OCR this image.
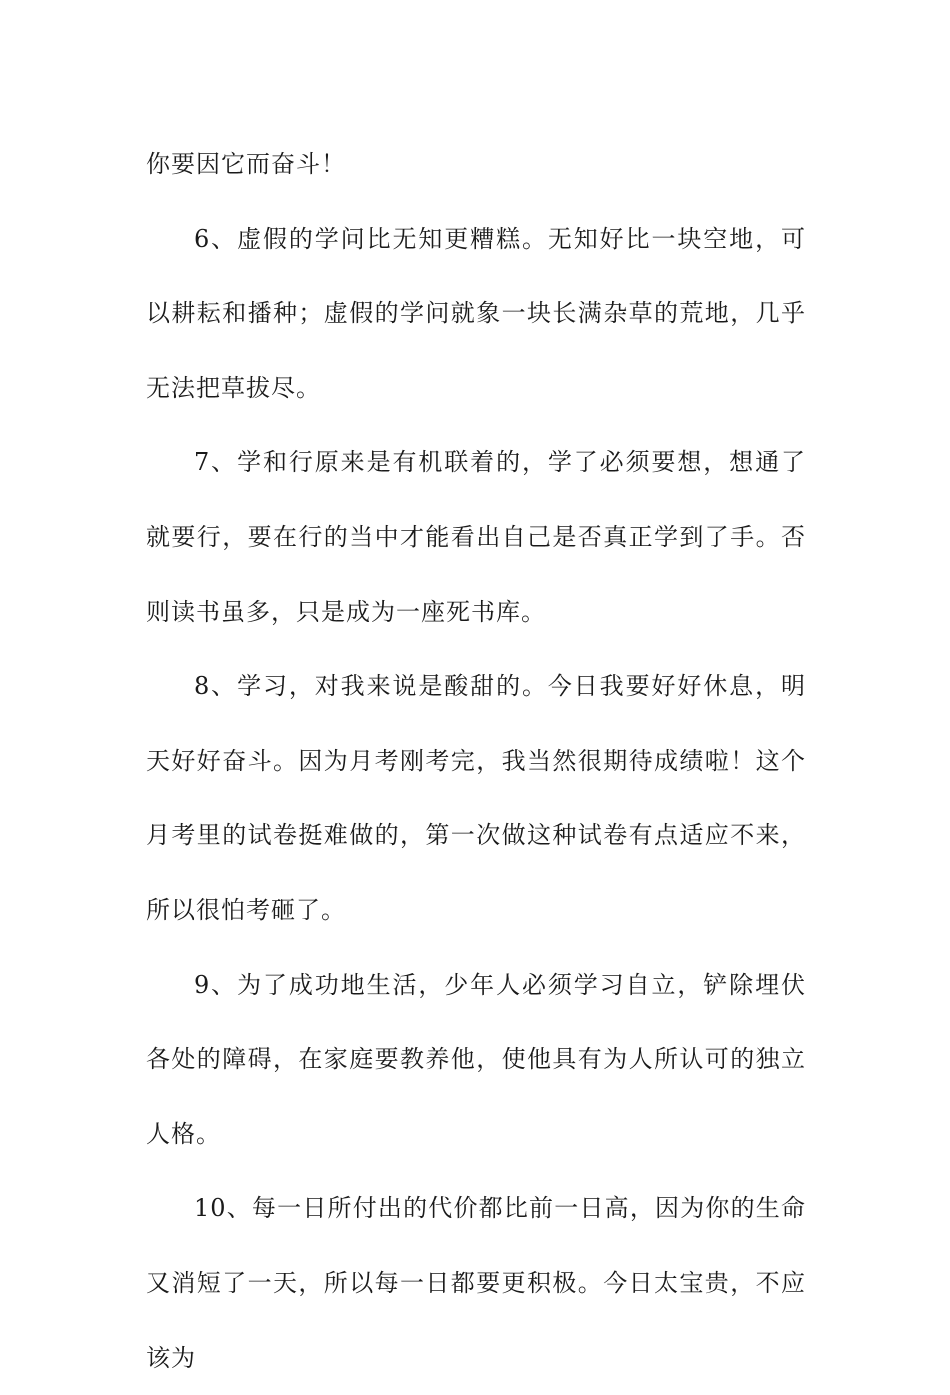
你要因它而奋斗！

6、虚假的学问比无知更糟糕。无知好比一块空地，可以耕耘和播种；虚假的学问就象一块长满杂草的荒地，几乎无法把草拔尽。

7、学和行原来是有机联着的，学了必须要想，想通了就要行，要在行的当中才能看出自己是否真正学到了手。否则读书虽多，只是成为一座死书库。

8、学习，对我来说是酸甜的。今日我要好好休息，明天好好奋斗。因为月考刚考完，我当然很期待成绩啦！这个月考里的试卷挺难做的，第一次做这种试卷有点适应不来，所以很怕考砸了。

9、为了成功地生活，少年人必须学习自立，铲除埋伏各处的障碍，在家庭要教养他，使他具有为人所认可的独立人格。

10、每一日所付出的代价都比前一日高，因为你的生命又消短了一天，所以每一日都要更积极。今日太宝贵，不应该为
